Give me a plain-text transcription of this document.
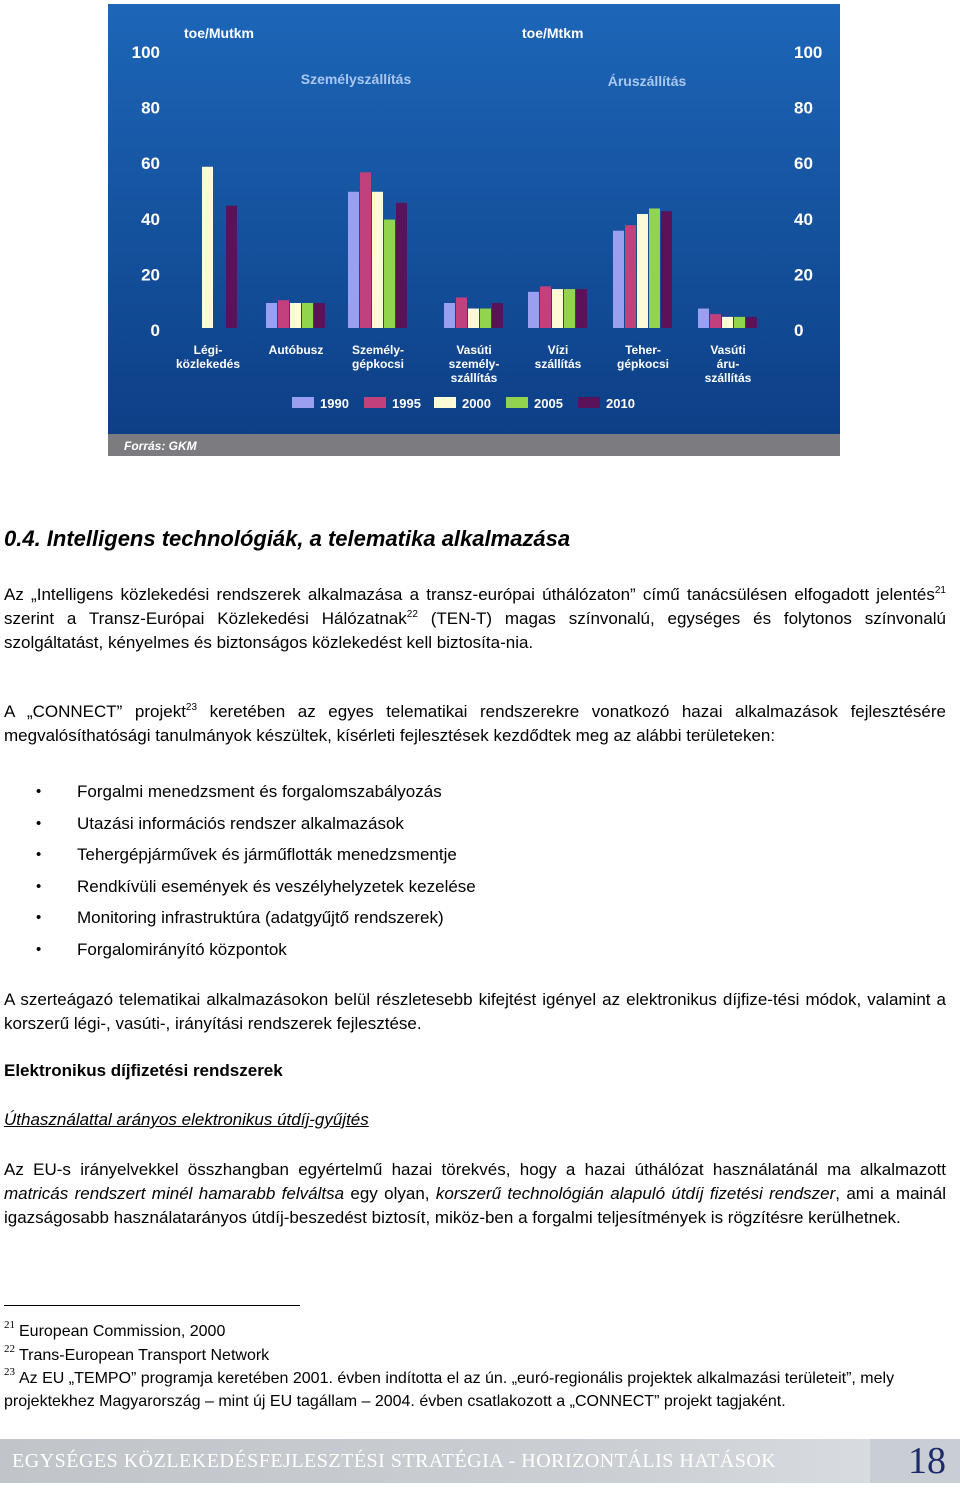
Forrás: GKM
toe/Mutkm	toe/Mtkm
Személyszállítás	Áruszállítás
100	100
80	80
60	60
40	40
20	20
0	0
Légi-közlekedés
Autóbusz Személy-gépkocsi
Vasúti személy-szállítás
Vízi szállítás
Teher-gépkocsi
Vasúti áru-szállítás
1990	1995	2000	2005	2010
0.4. Intelligens technológiák, a telematika alkalmazása

Az „Intelligens közlekedési rendszerek alkalmazása a transz-európai úthálózaton” című tanácsülésen elfogadott jelentés$^{21}$ szerint a Transz-Európai Közlekedési Hálózatnak$^{22}$ (TEN-T) magas színvonalú, egységes és folytonos színvonalú szolgáltatást, kényelmes és biztonságos közlekedést kell biztosíta-nia.

A „CONNECT” projekt$^{23}$ keretében az egyes telematikai rendszerekre vonatkozó hazai alkalmazások fejlesztésére megvalósíthatósági tanulmányok készültek, kísérleti fejlesztések kezdődtek meg az alábbi területeken:

• Forgalmi menedzsment és forgalomszabályozás
• Utazási információs rendszer alkalmazások
• Tehergépjárművek és járműflották menedzsmentje
• Rendkívüli események és veszélyhelyzetek kezelése
• Monitoring infrastruktúra (adatgyűjtő rendszerek)
• Forgalomirányító központok

A szerteágazó telematikai alkalmazásokon belül részletesebb kifejtést igényel az elektronikus díjfize-tési módok, valamint a korszerű légi-, vasúti-, irányítási rendszerek fejlesztése.

Elektronikus díjfizetési rendszerek

Úthasználattal arányos elektronikus útdíj-gyűjtés

Az EU-s irányelvekkel összhangban egyértelmű hazai törekvés, hogy a hazai úthálózat használatánál ma alkalmazott matricás rendszert minél hamarabb felváltsa egy olyan, korszerű technológián alapuló útdíj fizetési rendszer, ami a mainál igazságosabb használatarányos útdíj-beszedést biztosít, miköz-ben a forgalmi teljesítmények is rögzítésre kerülhetnek.

$^{21}$ European Commission, 2000

$^{22}$ Trans-European Transport Network

$^{23}$ Az EU „TEMPO” programja keretében 2001. évben indította el az ún. „euró-regionális projektek alkalmazási területeit”, mely projektekhez Magyarország – mint új EU tagállam – 2004. évben csatlakozott a „CONNECT” projekt tagjaként.

EGYSÉGES KÖZLEKEDÉSFEJLESZTÉSI STRATÉGIA - HORIZONTÁLIS HATÁSOK	18
